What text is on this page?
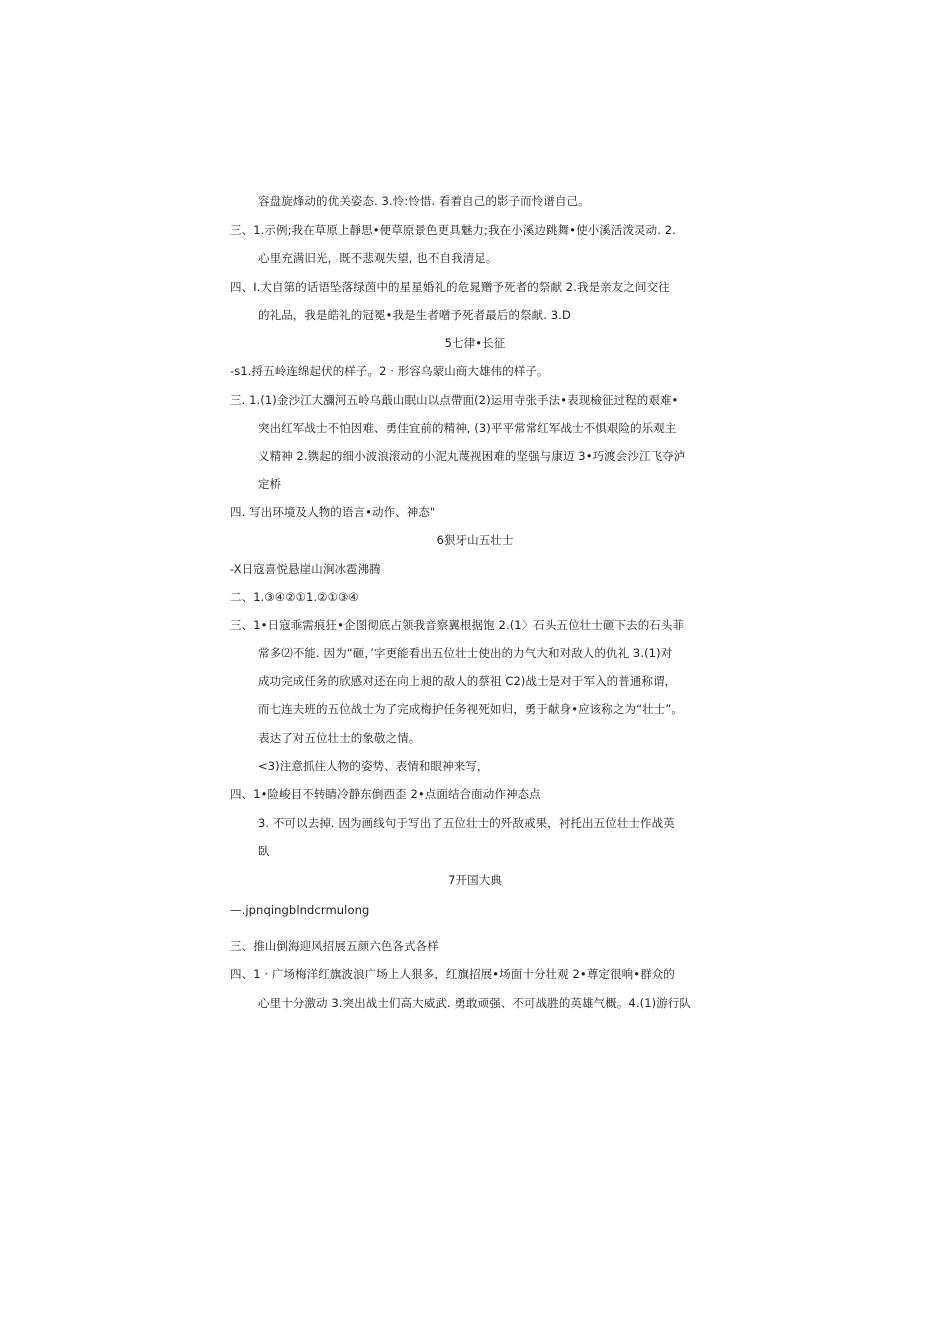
容盘旋烽动的优关姿态. 3.怜:怜惜. 看着自己的影子而怜谱自己。
三、1.示例;我在草原上靜思•便草原景色更具魅力;我在小溪边跳舞•使小溪活泼灵动. 2.
心里充满旧光，既不悲观失望, 也不自我清足。
四、I.大自第的话语坠落绿茵中的星星婚礼的危晁赠予死者的祭献 2.我是亲友之间交往
的礼品，我是皓礼的冠冕•我是生者噌予死者最后的祭献. 3.D
5七律•长征
-s1.捋五岭连绵起伏的样子。2 · 形容乌蒙山商大雄伟的样子。
三. 1.(1)金沙江大瀰河五岭乌蕺山眠山以点帶面(2)运用寺张手法•表现檢征过程的艰难•
突出红军战士不怕因难、勇佳宜前的精神, (3)平平常常红军战士不惧艰险的乐观主
义精神 2.镌起的细小波浪滚动的小泥丸蔑视困难的坚强与康迈 3•巧渡会沙江飞夺泸
定桥
四. 写出环境及人物的语言•动作、神态"
6狠牙山五壮士
-X日寇喜悦悬崖山涧冰雹沸腾
二、1.③④②①1.②①③④
三、1•日寇乖需痕狂•企图彻底占领我音察翼根据饱 2.(1〉石头五位壮士砸下去的石头菲
常多⑵不能. 因为“砸，’字更能看出五位壮士使出的力气大和对敌人的仇礼 3.(1)对
成功完成任务的欣感对还在向上昶的敌人的蔡祖 C2)战士是对于军入的普通称谓，
而七连夫班的五位战士为了完成梅护任务视死如归，勇于献身•应该称之为“壮士”。
表达了对五位壮士的象敬之情。
<3)注意抓住人物的姿势、表情和眼神来写，
四、1•险峻目不转睛冷静东倒西歪 2•点面结合面动作神态点
3. 不可以去掉. 因为画线句于写出了五位壮士的歼敌戒果，衬托出五位壮士作战英
臥
7开国大典
—.jpnqingblndcrmulong
三、推山倒海迎风招展五颜六色各式各样
四、1 · 广场梅洋红旗波浪广场上人狠多，红旗招展•场面十分壮观 2•尊定很响•群众的
心里十分激动 3.突出战士们高大威武. 勇敢顽强、不可战胜的英雄气概。4.(1)游行队
